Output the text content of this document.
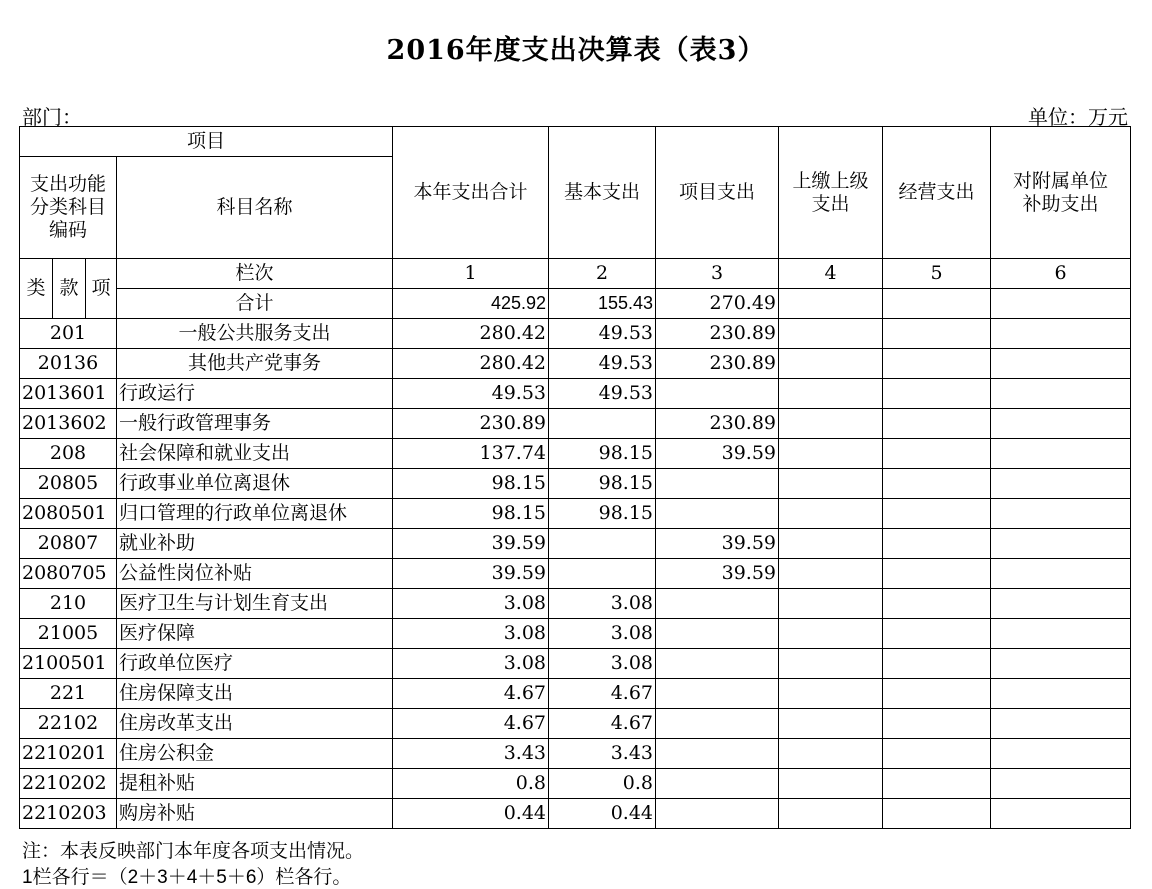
2016年度支出决算表（表3）
部门：	单位：万元
项目				本年支出合计	基本支出	项目支出	上缴上级支出	经营支出	对附属单位补助支出
支出功能分类科目编码			科目名称						
类	款	项	栏次	1	2	3	4	5	6
			合计	425.92	155.43	270.49			
201			一般公共服务支出	280.42	49.53	230.89			
20136			其他共产党事务	280.42	49.53	230.89			
2013601			行政运行	49.53	49.53				
2013602			一般行政管理事务	230.89		230.89			
208			社会保障和就业支出	137.74	98.15	39.59			
20805			行政事业单位离退休	98.15	98.15				
2080501			归口管理的行政单位离退休	98.15	98.15				
20807			就业补助	39.59		39.59			
2080705			公益性岗位补贴	39.59		39.59			
210			医疗卫生与计划生育支出	3.08	3.08				
21005			医疗保障	3.08	3.08				
2100501			行政单位医疗	3.08	3.08				
221			住房保障支出	4.67	4.67				
22102			住房改革支出	4.67	4.67				
2210201			住房公积金	3.43	3.43				
2210202			提租补贴	0.8	0.8				
2210203			购房补贴	0.44	0.44				
注：本表反映部门本年度各项支出情况。
1栏各行＝（2＋3＋4＋5＋6）栏各行。
